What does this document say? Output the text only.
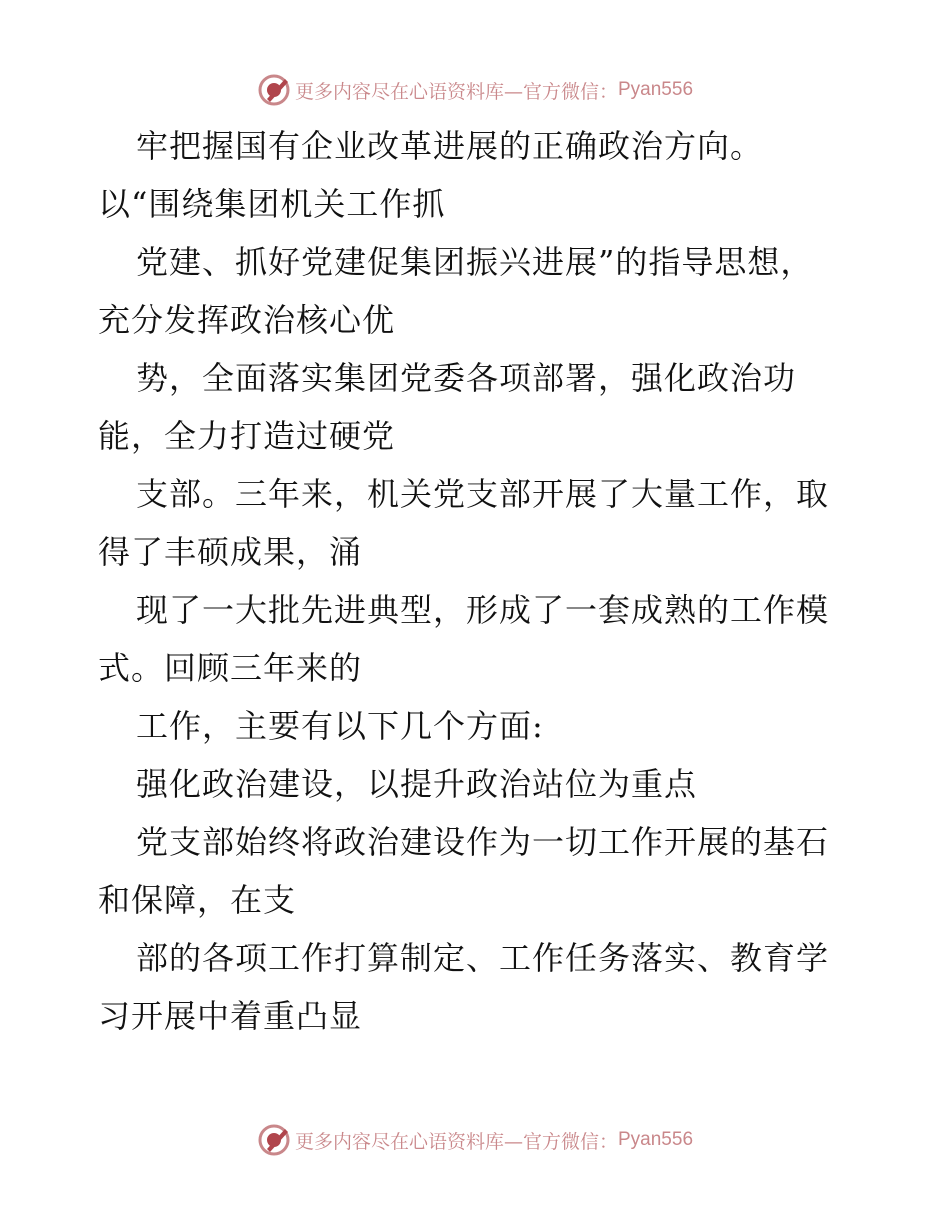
更多内容尽在心语资料库—官方微信： Pyan556
牢把握国有企业改革进展的正确政治方向。
以“围绕集团机关工作抓
党建、抓好党建促集团振兴进展”的指导思想，
充分发挥政治核心优
势，全面落实集团党委各项部署，强化政治功
能，全力打造过硬党
支部。三年来，机关党支部开展了大量工作，取
得了丰硕成果，涌
现了一大批先进典型，形成了一套成熟的工作模
式。回顾三年来的
工作，主要有以下几个方面:
强化政治建设，以提升政治站位为重点
党支部始终将政治建设作为一切工作开展的基石
和保障，在支
部的各项工作打算制定、工作任务落实、教育学
习开展中着重凸显
更多内容尽在心语资料库—官方微信： Pyan556
